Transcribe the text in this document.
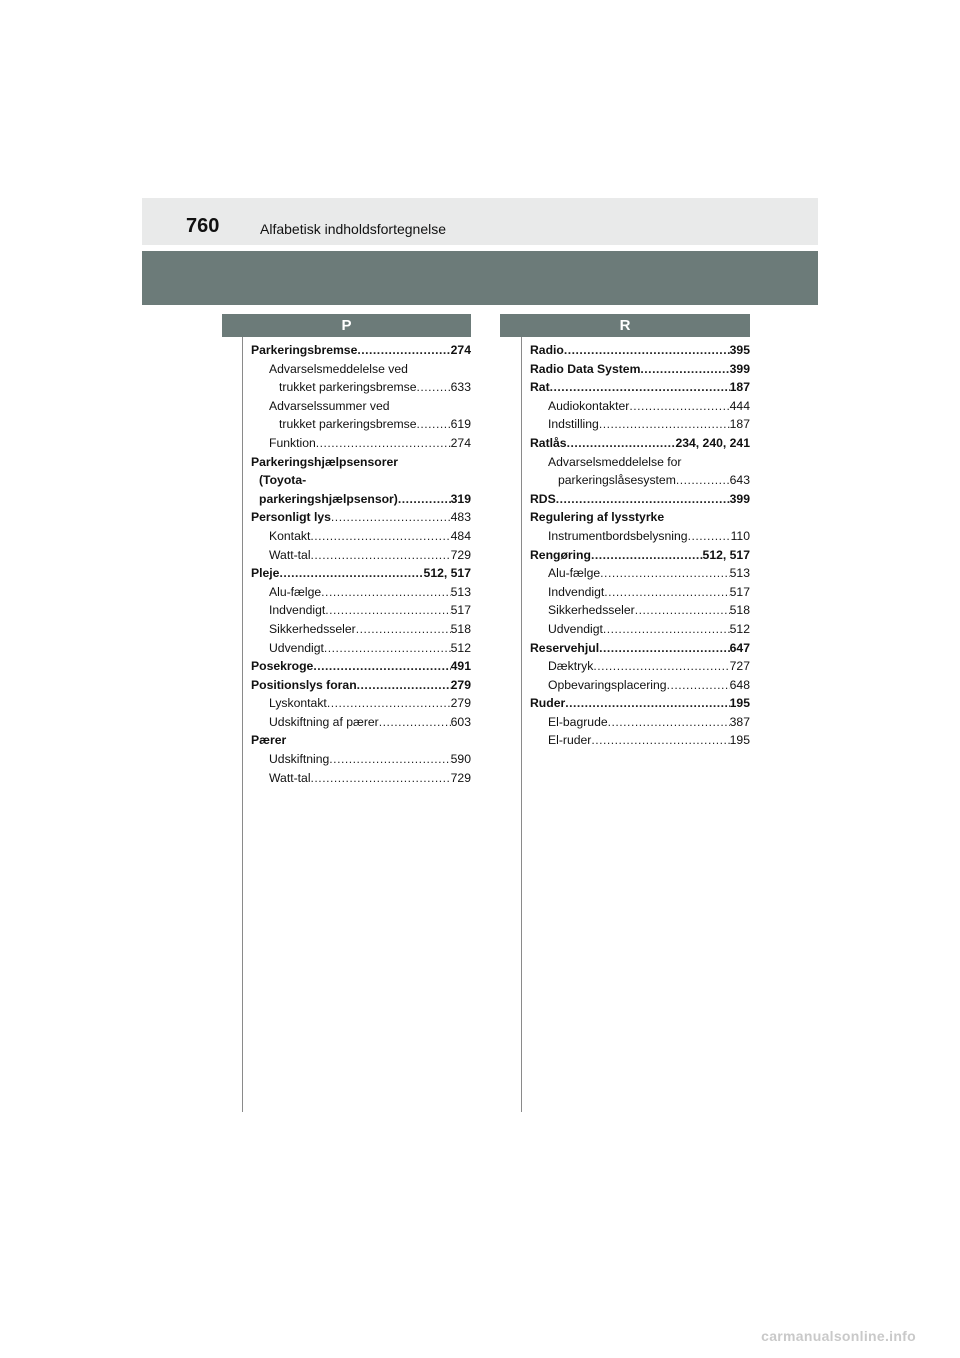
760	Alfabetisk indholdsfortegnelse
P	R
Parkeringsbremse .....	274
Advarselsmeddelelse ved
trukket parkeringsbremse .....	633
Advarselssummer ved
trukket parkeringsbremse .....	619
Funktion .....	274
Parkeringshjælpsensorer
(Toyota-
parkeringshjælpsensor) .....	319
Personligt lys .....	483
Kontakt .....	484
Watt-tal .....	729
Pleje .....	512, 517
Alu-fælge .....	513
Indvendigt .....	517
Sikkerhedsseler .....	518
Udvendigt .....	512
Posekroge .....	491
Positionslys foran .....	279
Lyskontakt .....	279
Udskiftning af pærer .....	603
Pærer
Udskiftning .....	590
Watt-tal .....	729
Radio .....	395
Radio Data System .....	399
Rat .....	187
Audiokontakter .....	444
Indstilling .....	187
Ratlås .....	234, 240, 241
Advarselsmeddelelse for
parkeringslåsesystem .....	643
RDS .....	399
Regulering af lysstyrke
Instrumentbordsbelysning .....	110
Rengøring .....	512, 517
Alu-fælge .....	513
Indvendigt .....	517
Sikkerhedsseler .....	518
Udvendigt .....	512
Reservehjul .....	647
Dæktryk .....	727
Opbevaringsplacering .....	648
Ruder .....	195
El-bagrude .....	387
El-ruder .....	195
carmanualsonline.info
